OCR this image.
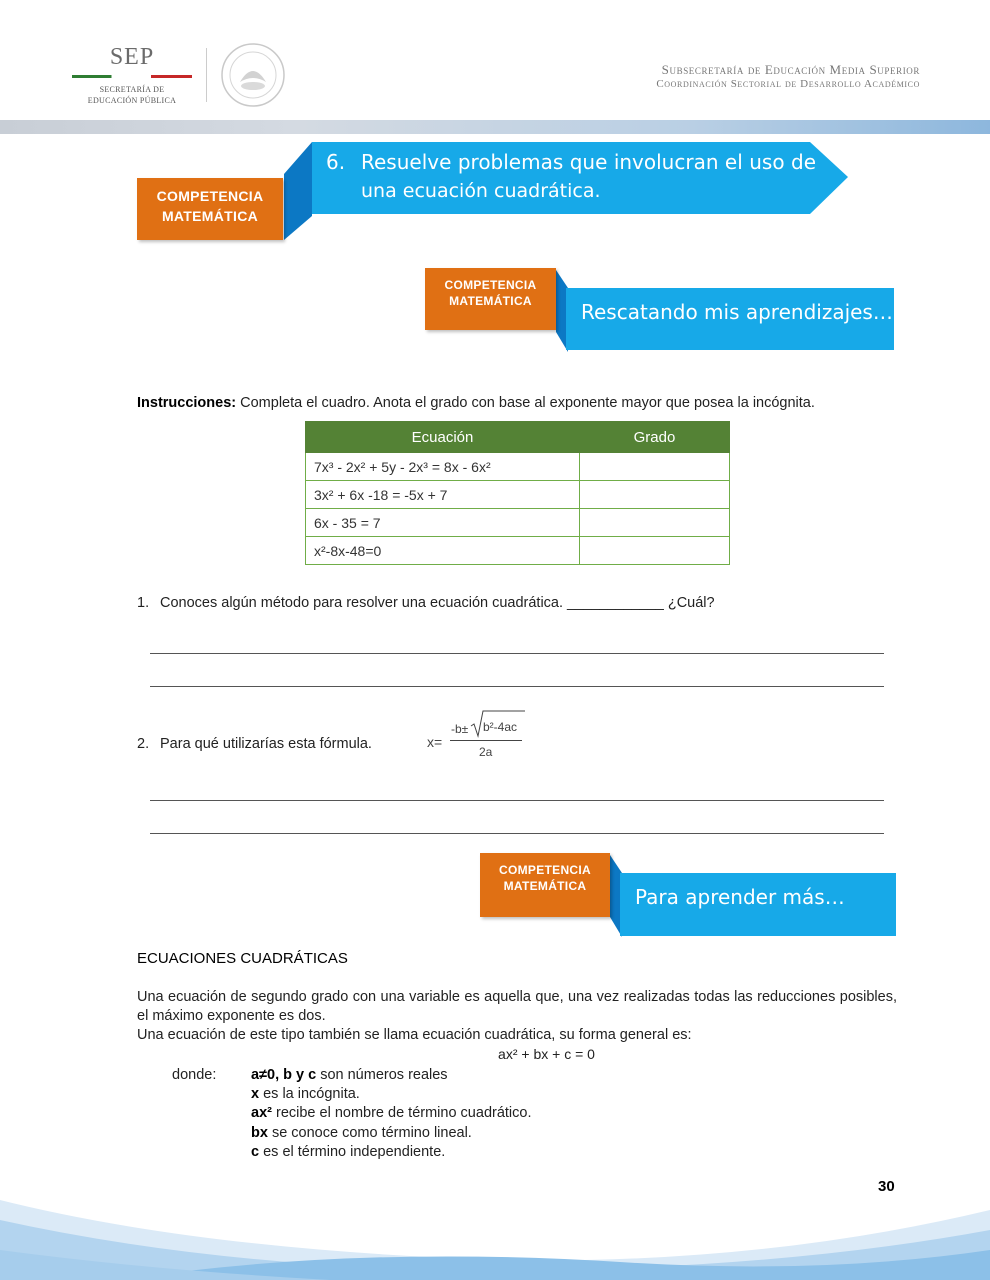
SEP
SECRETARÍA DE
EDUCACIÓN PÚBLICA
Subsecretaría de Educación Media Superior
Coordinación Sectorial de Desarrollo Académico
COMPETENCIA MATEMÁTICA
6. Resuelve problemas que involucran el uso de
una ecuación cuadrática.
COMPETENCIA MATEMÁTICA	Rescatando mis aprendizajes…
Instrucciones: Completa el cuadro. Anota el grado con base al exponente mayor que posea la incógnita.
Ecuación	Grado
7x³ - 2x² + 5y - 2x³ = 8x - 6x²	
3x² + 6x -18 = -5x + 7	
6x - 35 = 7	
x²-8x-48=0	
1. Conoces algún método para resolver una ecuación cuadrática. ____________ ¿Cuál?
2. Para qué utilizarías esta fórmula.	x=
-b± b²-4ac
2a
COMPETENCIA MATEMÁTICA	Para aprender más…
ECUACIONES CUADRÁTICAS
Una ecuación de segundo grado con una variable es aquella que, una vez realizadas todas las reducciones posibles, el máximo exponente es dos.
Una ecuación de este tipo también se llama ecuación cuadrática, su forma general es:
ax² + bx + c = 0
donde: a≠0, b y c son números reales
x es la incógnita.
ax² recibe el nombre de término cuadrático.
bx se conoce como término lineal.
c es el término independiente.
30
